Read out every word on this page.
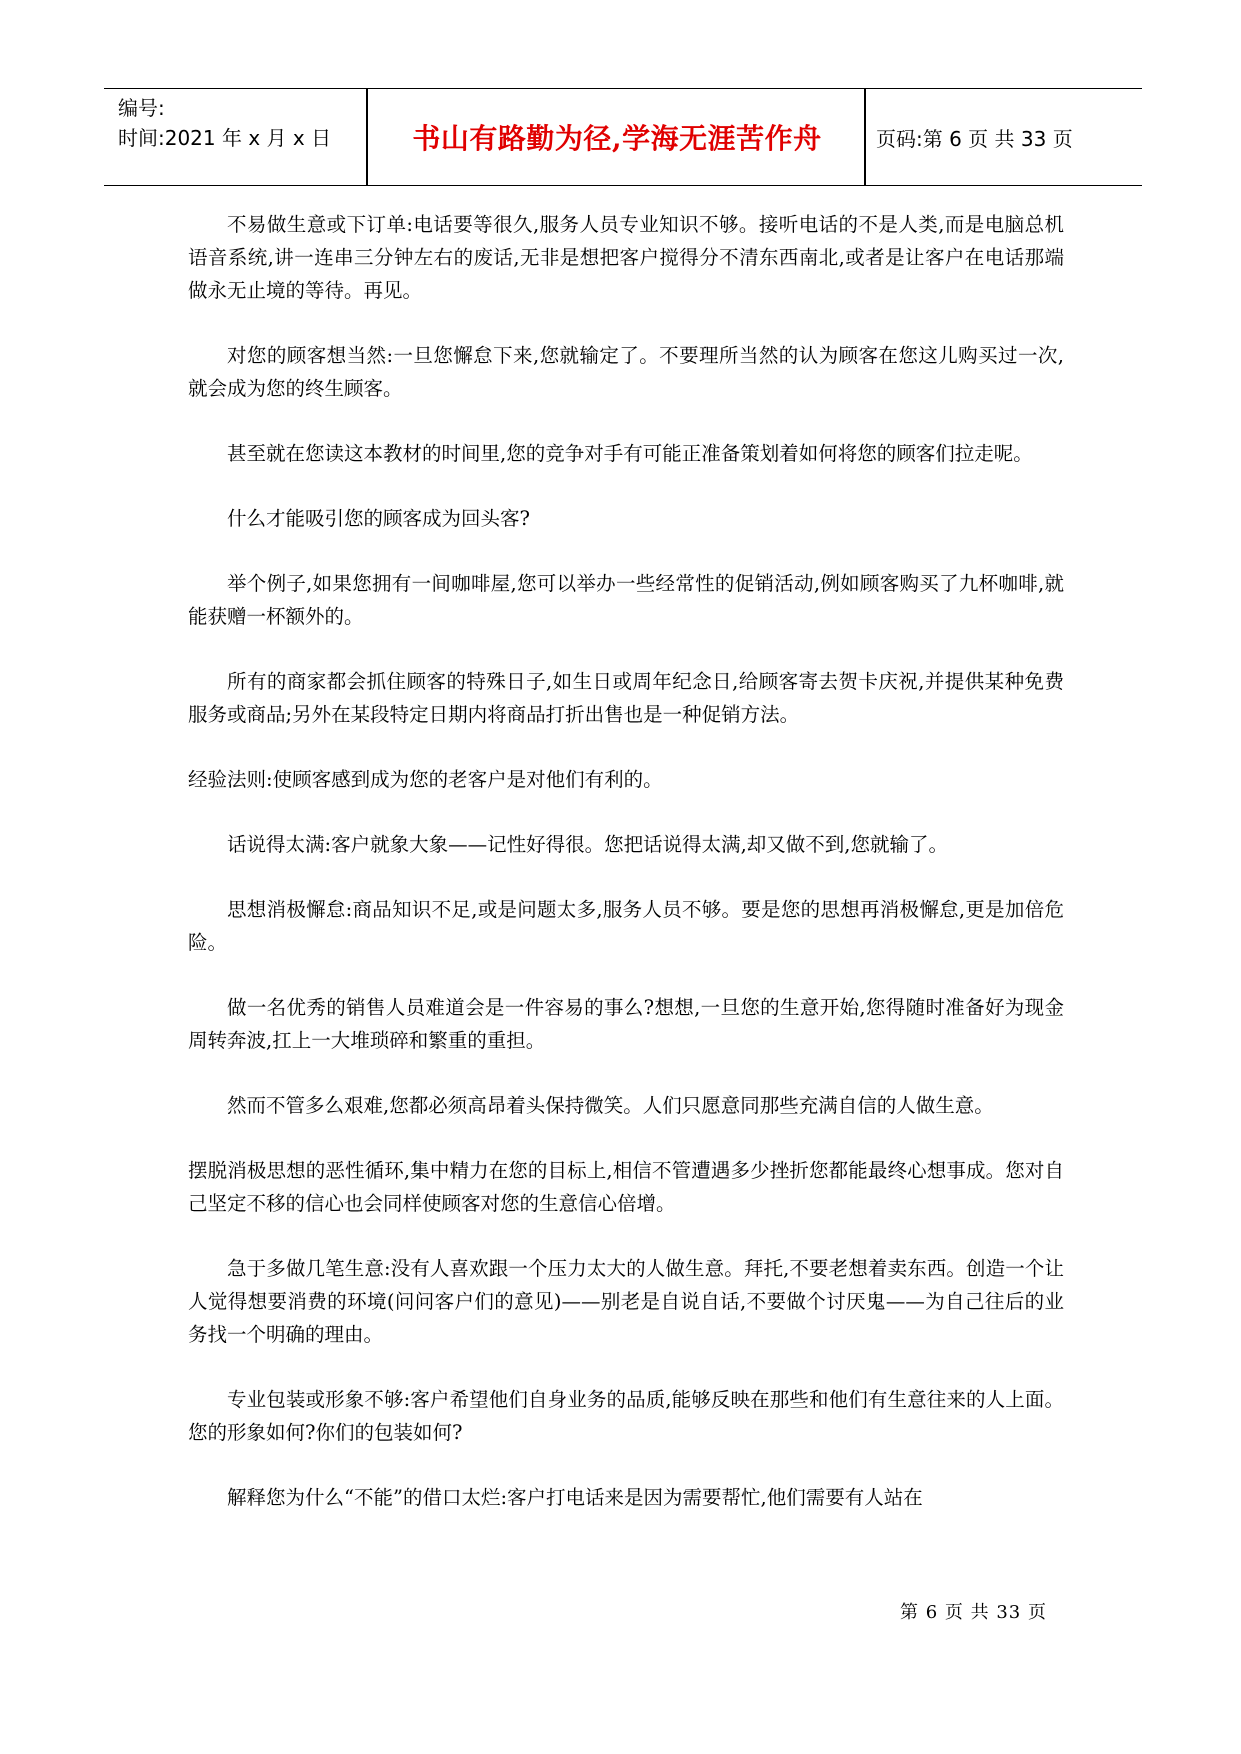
编号:
时间:2021 年 x 月 x 日	书山有路勤为径,学海无涯苦作舟	页码:第 6 页 共 33 页

不易做生意或下订单:电话要等很久,服务人员专业知识不够。接听电话的不是人类,而是电脑总机语音系统,讲一连串三分钟左右的废话,无非是想把客户搅得分不清东西南北,或者是让客户在电话那端做永无止境的等待。再见。

对您的顾客想当然:一旦您懈怠下来,您就输定了。不要理所当然的认为顾客在您这儿购买过一次,就会成为您的终生顾客。

甚至就在您读这本教材的时间里,您的竞争对手有可能正准备策划着如何将您的顾客们拉走呢。

什么才能吸引您的顾客成为回头客?

举个例子,如果您拥有一间咖啡屋,您可以举办一些经常性的促销活动,例如顾客购买了九杯咖啡,就能获赠一杯额外的。

所有的商家都会抓住顾客的特殊日子,如生日或周年纪念日,给顾客寄去贺卡庆祝,并提供某种免费服务或商品;另外在某段特定日期内将商品打折出售也是一种促销方法。

经验法则:使顾客感到成为您的老客户是对他们有利的。

话说得太满:客户就象大象——记性好得很。您把话说得太满,却又做不到,您就输了。

思想消极懈怠:商品知识不足,或是问题太多,服务人员不够。要是您的思想再消极懈怠,更是加倍危险。

做一名优秀的销售人员难道会是一件容易的事么?想想,一旦您的生意开始,您得随时准备好为现金周转奔波,扛上一大堆琐碎和繁重的重担。

然而不管多么艰难,您都必须高昂着头保持微笑。人们只愿意同那些充满自信的人做生意。

摆脱消极思想的恶性循环,集中精力在您的目标上,相信不管遭遇多少挫折您都能最终心想事成。您对自己坚定不移的信心也会同样使顾客对您的生意信心倍增。

急于多做几笔生意:没有人喜欢跟一个压力太大的人做生意。拜托,不要老想着卖东西。创造一个让人觉得想要消费的环境(问问客户们的意见)——别老是自说自话,不要做个讨厌鬼——为自己往后的业务找一个明确的理由。

专业包装或形象不够:客户希望他们自身业务的品质,能够反映在那些和他们有生意往来的人上面。您的形象如何?你们的包装如何?

解释您为什么“不能”的借口太烂:客户打电话来是因为需要帮忙,他们需要有人站在

第 6 页 共 33 页
